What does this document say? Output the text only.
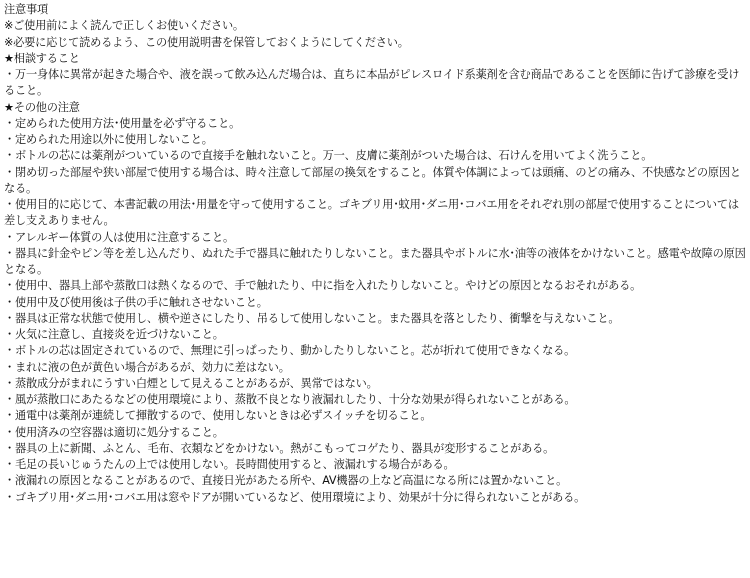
注意事項
※ご使用前によく読んで正しくお使いください。
※必要に応じて読めるよう、この使用説明書を保管しておくようにしてください。
★相談すること
・万一身体に異常が起きた場合や、液を誤って飲み込んだ場合は、直ちに本品がピレスロイド系薬剤を含む商品であることを医師に告げて診療を受けること。
★その他の注意
・定められた使用方法･使用量を必ず守ること。
・定められた用途以外に使用しないこと。
・ボトルの芯には薬剤がついているので直接手を触れないこと。万一、皮膚に薬剤がついた場合は、石けんを用いてよく洗うこと。
・閉め切った部屋や狭い部屋で使用する場合は、時々注意して部屋の換気をすること。体質や体調によっては頭痛、のどの痛み、不快感などの原因となる。
・使用目的に応じて、本書記載の用法･用量を守って使用すること。ゴキブリ用･蚊用･ダニ用･コバエ用をそれぞれ別の部屋で使用することについては差し支えありません。
・アレルギー体質の人は使用に注意すること。
・器具に針金やピン等を差し込んだり、ぬれた手で器具に触れたりしないこと。また器具やボトルに水･油等の液体をかけないこと。感電や故障の原因となる。
・使用中、器具上部や蒸散口は熱くなるので、手で触れたり、中に指を入れたりしないこと。やけどの原因となるおそれがある。
・使用中及び使用後は子供の手に触れさせないこと。
・器具は正常な状態で使用し、横や逆さにしたり、吊るして使用しないこと。また器具を落としたり、衝撃を与えないこと。
・火気に注意し、直接炎を近づけないこと。
・ボトルの芯は固定されているので、無理に引っぱったり、動かしたりしないこと。芯が折れて使用できなくなる。
・まれに液の色が黄色い場合があるが、効力に差はない。
・蒸散成分がまれにうすい白煙として見えることがあるが、異常ではない。
・風が蒸散口にあたるなどの使用環境により、蒸散不良となり液漏れしたり、十分な効果が得られないことがある。
・通電中は薬剤が連続して揮散するので、使用しないときは必ずスイッチを切ること。
・使用済みの空容器は適切に処分すること。
・器具の上に新聞、ふとん、毛布、衣類などをかけない。熱がこもってコゲたり、器具が変形することがある。
・毛足の長いじゅうたんの上では使用しない。長時間使用すると、液漏れする場合がある。
・液漏れの原因となることがあるので、直接日光があたる所や、AV機器の上など高温になる所には置かないこと。
・ゴキブリ用･ダニ用･コバエ用は窓やドアが開いているなど、使用環境により、効果が十分に得られないことがある。
